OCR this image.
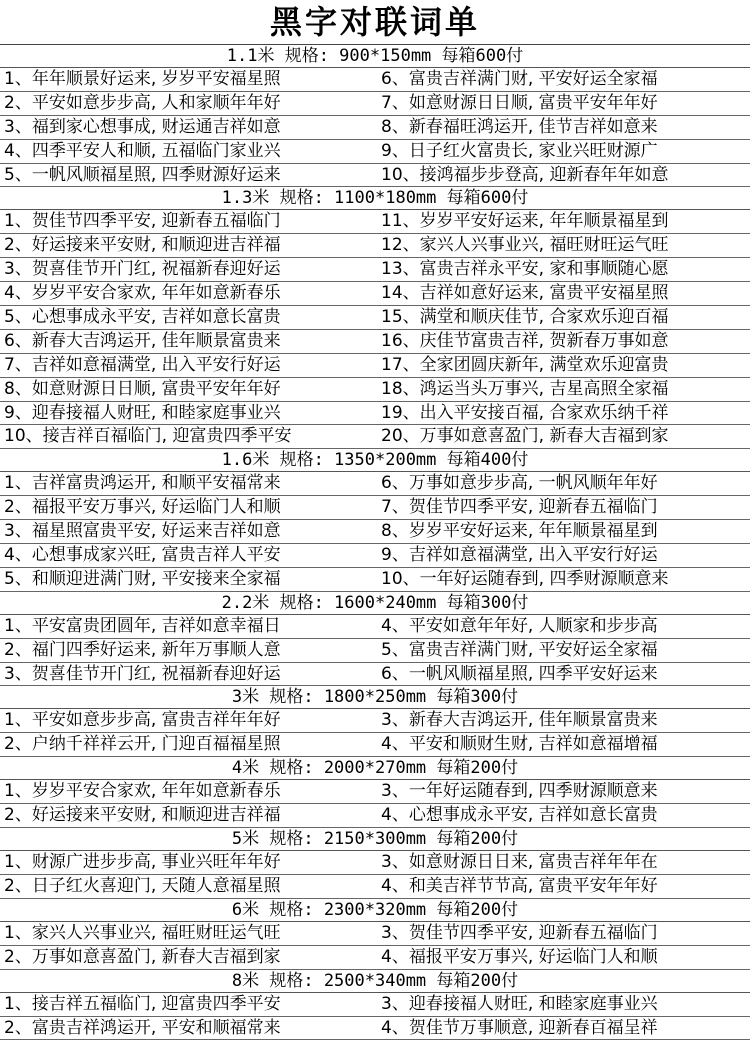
黑字对联词单
1.1米 规格: 900*150mm 每箱600付
1、年年顺景好运来, 岁岁平安福星照	6、富贵吉祥满门财, 平安好运全家福
2、平安如意步步高, 人和家顺年年好	7、如意财源日日顺, 富贵平安年年好
3、福到家心想事成, 财运通吉祥如意	8、新春福旺鸿运开, 佳节吉祥如意来
4、四季平安人和顺, 五福临门家业兴	9、日子红火富贵长, 家业兴旺财源广
5、一帆风顺福星照, 四季财源好运来	10、接鸿福步步登高, 迎新春年年如意
1.3米 规格: 1100*180mm 每箱600付
1、贺佳节四季平安, 迎新春五福临门	11、岁岁平安好运来, 年年顺景福星到
2、好运接来平安财, 和顺迎进吉祥福	12、家兴人兴事业兴, 福旺财旺运气旺
3、贺喜佳节开门红, 祝福新春迎好运	13、富贵吉祥永平安, 家和事顺随心愿
4、岁岁平安合家欢, 年年如意新春乐	14、吉祥如意好运来, 富贵平安福星照
5、心想事成永平安, 吉祥如意长富贵	15、满堂和顺庆佳节, 合家欢乐迎百福
6、新春大吉鸿运开, 佳年顺景富贵来	16、庆佳节富贵吉祥, 贺新春万事如意
7、吉祥如意福满堂, 出入平安行好运	17、全家团圆庆新年, 满堂欢乐迎富贵
8、如意财源日日顺, 富贵平安年年好	18、鸿运当头万事兴, 吉星高照全家福
9、迎春接福人财旺, 和睦家庭事业兴	19、出入平安接百福, 合家欢乐纳千祥
10、接吉祥百福临门, 迎富贵四季平安	20、万事如意喜盈门, 新春大吉福到家
1.6米 规格: 1350*200mm 每箱400付
1、吉祥富贵鸿运开, 和顺平安福常来	6、万事如意步步高, 一帆风顺年年好
2、福报平安万事兴, 好运临门人和顺	7、贺佳节四季平安, 迎新春五福临门
3、福星照富贵平安, 好运来吉祥如意	8、岁岁平安好运来, 年年顺景福星到
4、心想事成家兴旺, 富贵吉祥人平安	9、吉祥如意福满堂, 出入平安行好运
5、和顺迎进满门财, 平安接来全家福	10、一年好运随春到, 四季财源顺意来
2.2米 规格: 1600*240mm 每箱300付
1、平安富贵团圆年, 吉祥如意幸福日	4、平安如意年年好, 人顺家和步步高
2、福门四季好运来, 新年万事顺人意	5、富贵吉祥满门财, 平安好运全家福
3、贺喜佳节开门红, 祝福新春迎好运	6、一帆风顺福星照, 四季平安好运来
3米 规格: 1800*250mm 每箱300付
1、平安如意步步高, 富贵吉祥年年好	3、新春大吉鸿运开, 佳年顺景富贵来
2、户纳千祥祥云开, 门迎百福福星照	4、平安和顺财生财, 吉祥如意福增福
4米 规格: 2000*270mm 每箱200付
1、岁岁平安合家欢, 年年如意新春乐	3、一年好运随春到, 四季财源顺意来
2、好运接来平安财, 和顺迎进吉祥福	4、心想事成永平安, 吉祥如意长富贵
5米 规格: 2150*300mm 每箱200付
1、财源广进步步高, 事业兴旺年年好	3、如意财源日日来, 富贵吉祥年年在
2、日子红火喜迎门, 天随人意福星照	4、和美吉祥节节高, 富贵平安年年好
6米 规格: 2300*320mm 每箱200付
1、家兴人兴事业兴, 福旺财旺运气旺	3、贺佳节四季平安, 迎新春五福临门
2、万事如意喜盈门, 新春大吉福到家	4、福报平安万事兴, 好运临门人和顺
8米 规格: 2500*340mm 每箱200付
1、接吉祥五福临门, 迎富贵四季平安	3、迎春接福人财旺, 和睦家庭事业兴
2、富贵吉祥鸿运开, 平安和顺福常来	4、贺佳节万事顺意, 迎新春百福呈祥
